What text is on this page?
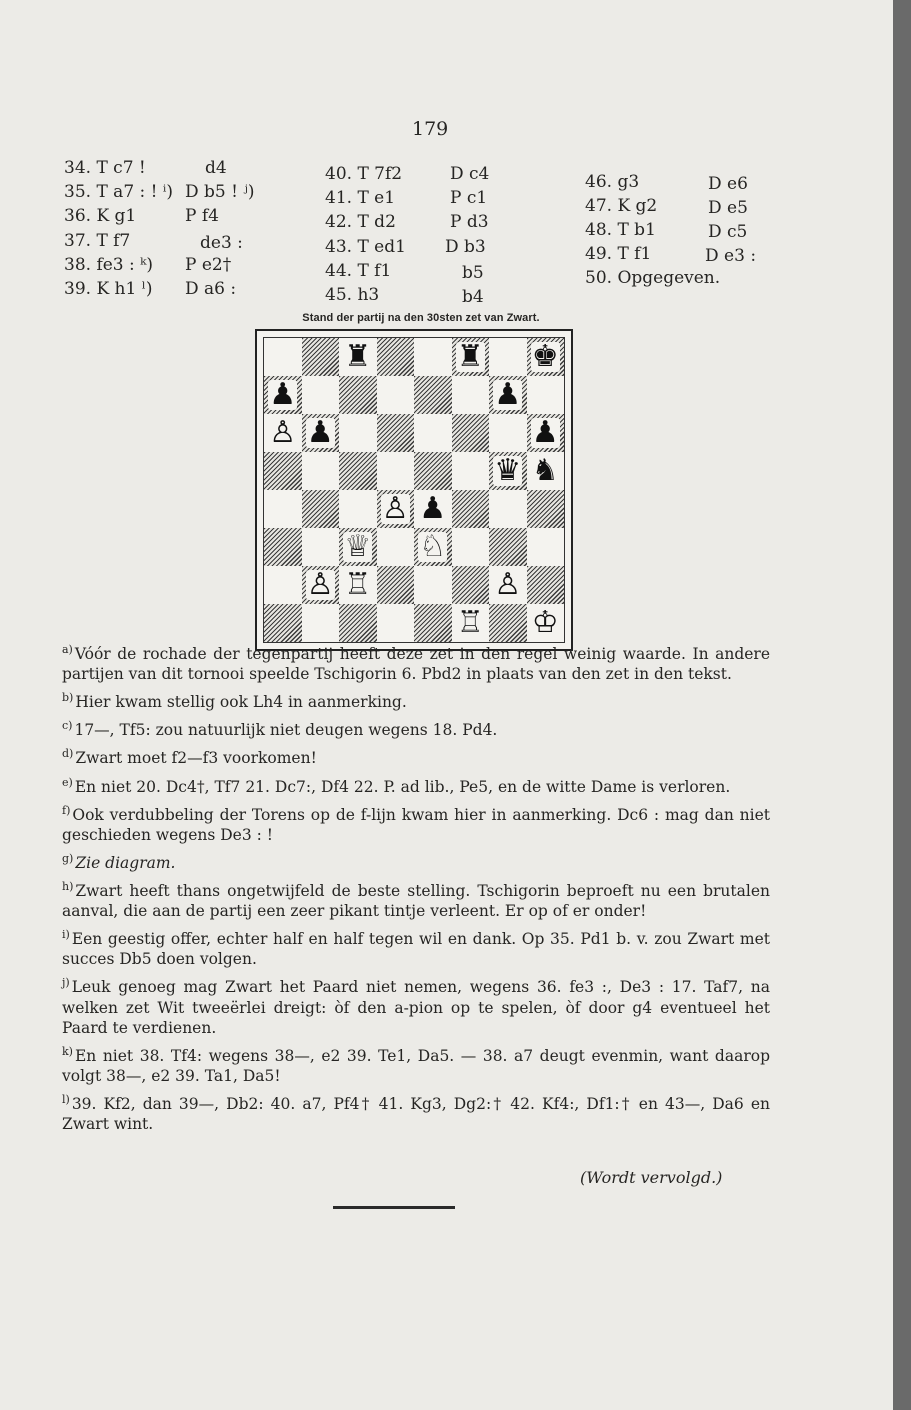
179
34. T c7 !	d4
35. T a7 : ! ⁱ) D b5 ! ʲ)
36. K g1	P f4
37. T f7	de3 :
38. fe3 : ᵏ) P e2†
39. K h1 ˡ) D a6 :
40. T 7f2	D c4
41. T e1	P c1
42. T d2	P d3
43. T ed1 D b3
44. T f1	b5
45. h3	b4
46. g3	D e6
47. K g2	D e5
48. T b1	D c5
49. T f1	D e3 :
50. Opgegeven.
Stand der partij na den 30sten zet van Zwart.
♜	♜ ♚
♟	♟
♙ ♟	♟
♛ ♞
♙ ♟
♕ ♘
♙ ♖	♙
♖ ♔

$^{a)}$ Vóór de rochade der tegenpartij heeft deze zet in den regel weinig waarde. In andere partijen van dit tornooi speelde Tschigorin 6. Pbd2 in plaats van den zet in den tekst.

$^{b)}$ Hier kwam stellig ook Lh4 in aanmerking.

$^{c)}$ 17—, Tf5: zou natuurlijk niet deugen wegens 18. Pd4.

$^{d)}$ Zwart moet f2—f3 voorkomen!

$^{e)}$ En niet 20. Dc4†, Tf7 21. Dc7:, Df4 22. P. ad lib., Pe5, en de witte Dame is verloren.

$^{f)}$ Ook verdubbeling der Torens op de f-lijn kwam hier in aanmerking. Dc6 : mag dan niet geschieden wegens De3 : !

$^{g)}$ Zie diagram.

$^{h)}$ Zwart heeft thans ongetwijfeld de beste stelling. Tschigorin beproeft nu een brutalen aanval, die aan de partij een zeer pikant tintje verleent. Er op of er onder!

$^{i)}$ Een geestig offer, echter half en half tegen wil en dank. Op 35. Pd1 b. v. zou Zwart met succes Db5 doen volgen.

$^{j)}$ Leuk genoeg mag Zwart het Paard niet nemen, wegens 36. fe3 :, De3 : 17. Taf7, na welken zet Wit tweeërlei dreigt: òf den a-pion op te spelen, òf door g4 eventueel het Paard te verdienen.

$^{k)}$ En niet 38. Tf4: wegens 38—, e2 39. Te1, Da5. — 38. a7 deugt evenmin, want daarop volgt 38—, e2 39. Ta1, Da5!

$^{l)}$ 39. Kf2, dan 39—, Db2: 40. a7, Pf4† 41. Kg3, Dg2:† 42. Kf4:, Df1:† en 43—, Da6 en Zwart wint.

(Wordt vervolgd.)
